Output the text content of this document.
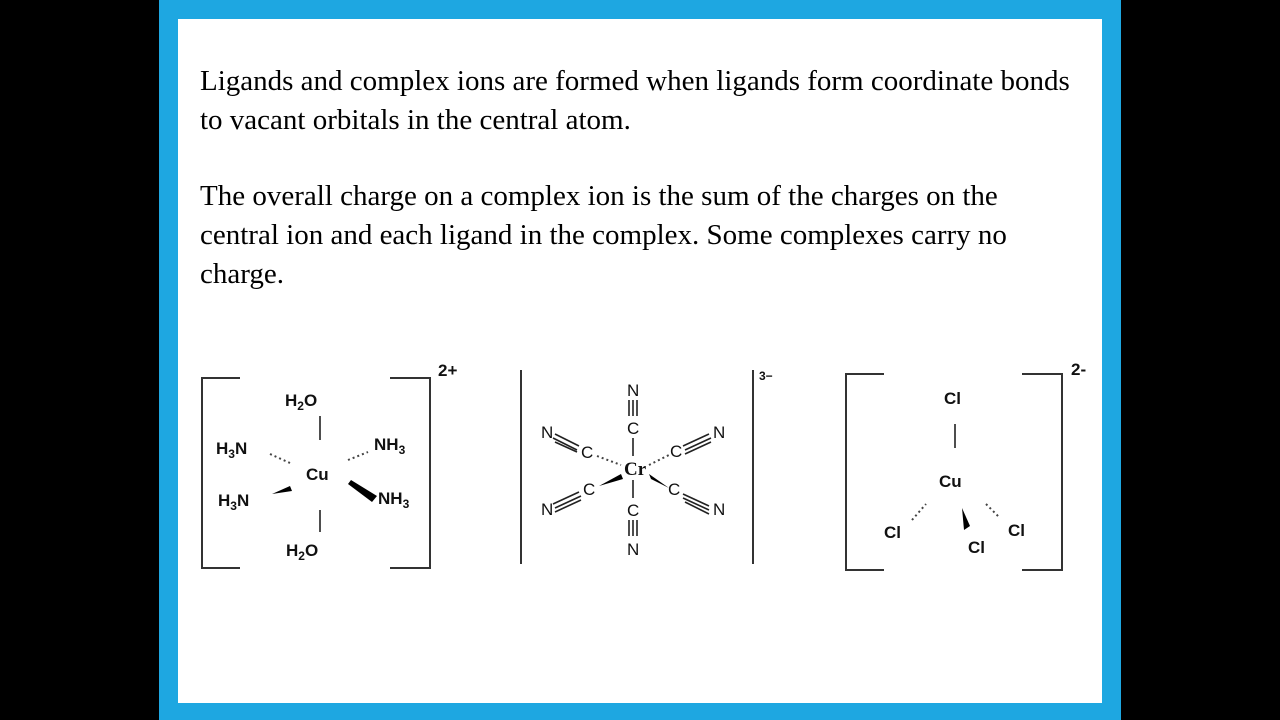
Ligands and complex ions are formed when ligands form coordinate bonds to vacant orbitals in the central atom.

The overall charge on a complex ion is the sum of the charges on the central ion and each ligand in the complex. Some complexes carry no charge.

2+
$H_2O$
$H_2O$
Cu
$H_3N$	$NH_3$
$H_3N$	$NH_3$
3−
Cr
N
C
C
N
N
C	C
N
N
C	C
N
2-
Cl
Cu
Cl	Cl
Cl
